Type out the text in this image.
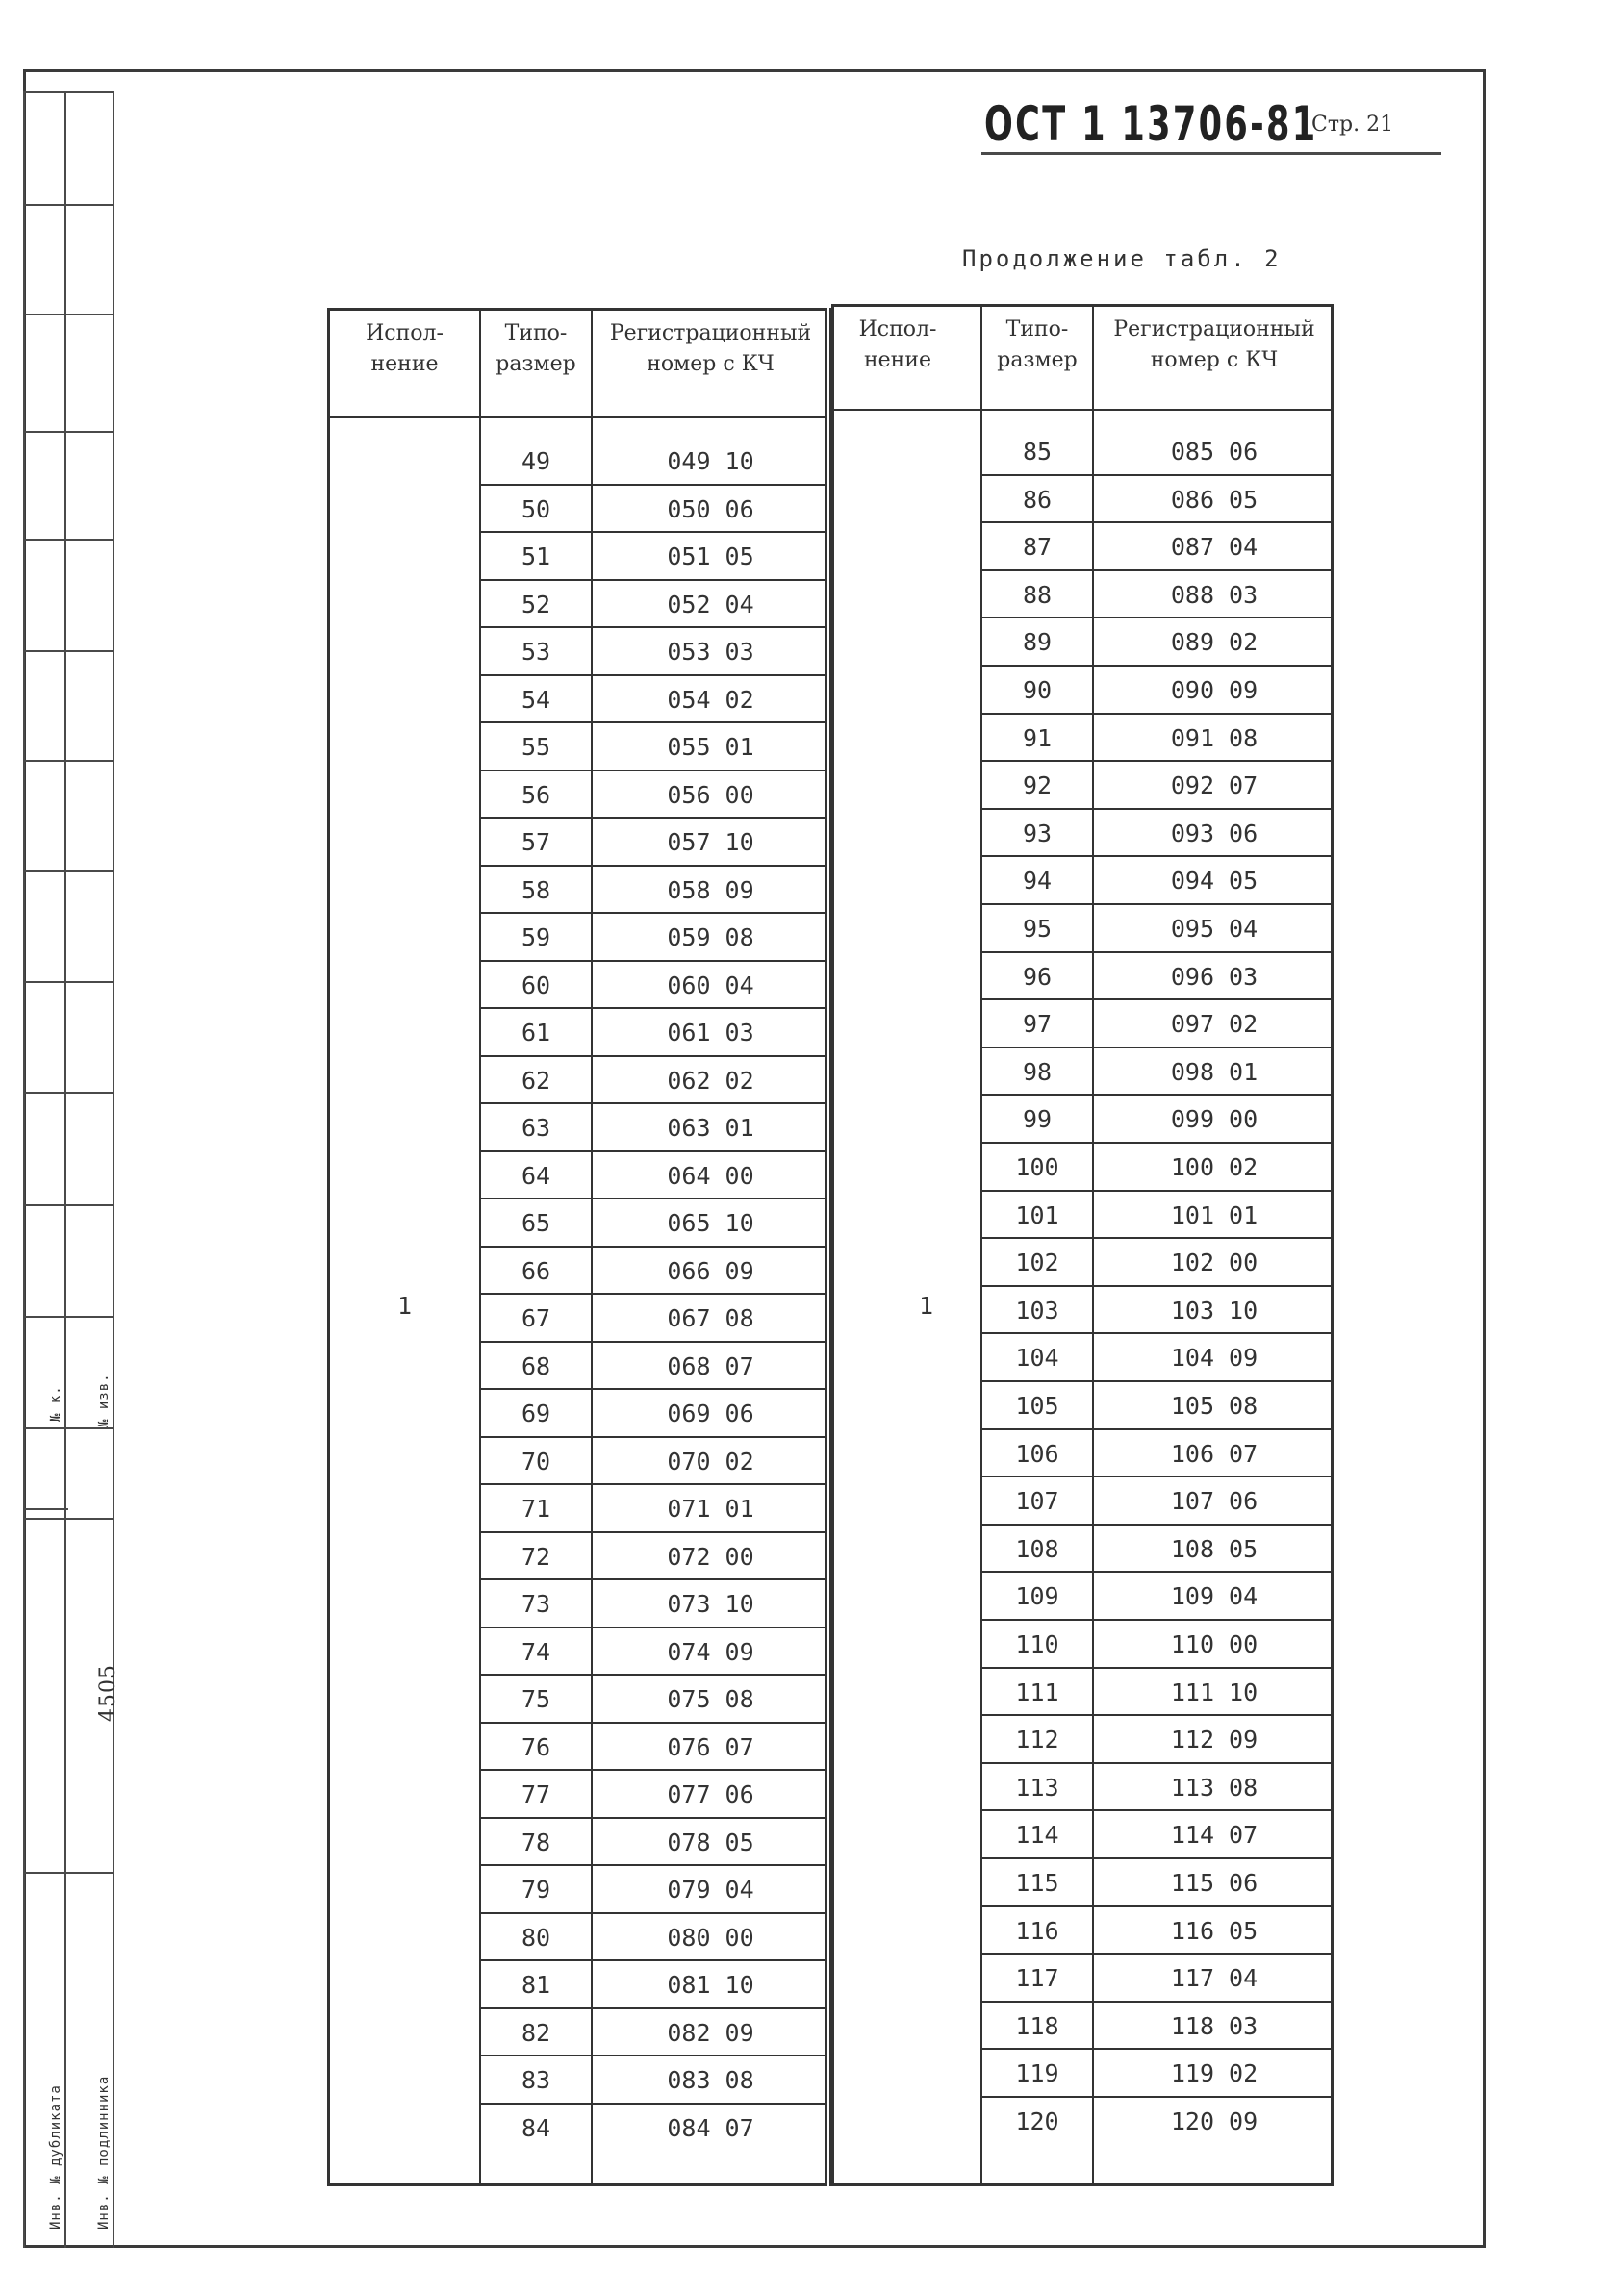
№ к. № изв.
4505
Инв. № дубликата Инв. № подлинника
ОСТ 1 13706-81
Стр. 21
Продолжение табл. 2
Испол-
нение
Типо-
размер
Регистрационный
номер с КЧ
1
49	049 10
50	050 06
51	051 05
52	052 04
53	053 03
54	054 02
55	055 01
56	056 00
57	057 10
58	058 09
59	059 08
60	060 04
61	061 03
62	062 02
63	063 01
64	064 00
65	065 10
66	066 09
67	067 08
68	068 07
69	069 06
70	070 02
71	071 01
72	072 00
73	073 10
74	074 09
75	075 08
76	076 07
77	077 06
78	078 05
79	079 04
80	080 00
81	081 10
82	082 09
83	083 08
84	084 07
Испол-
нение
Типо-
размер
Регистрационный
номер с КЧ
1
85	085 06
86	086 05
87	087 04
88	088 03
89	089 02
90	090 09
91	091 08
92	092 07
93	093 06
94	094 05
95	095 04
96	096 03
97	097 02
98	098 01
99	099 00
100	100 02
101	101 01
102	102 00
103	103 10
104	104 09
105	105 08
106	106 07
107	107 06
108	108 05
109	109 04
110	110 00
111	111 10
112	112 09
113	113 08
114	114 07
115	115 06
116	116 05
117	117 04
118	118 03
119	119 02
120	120 09
